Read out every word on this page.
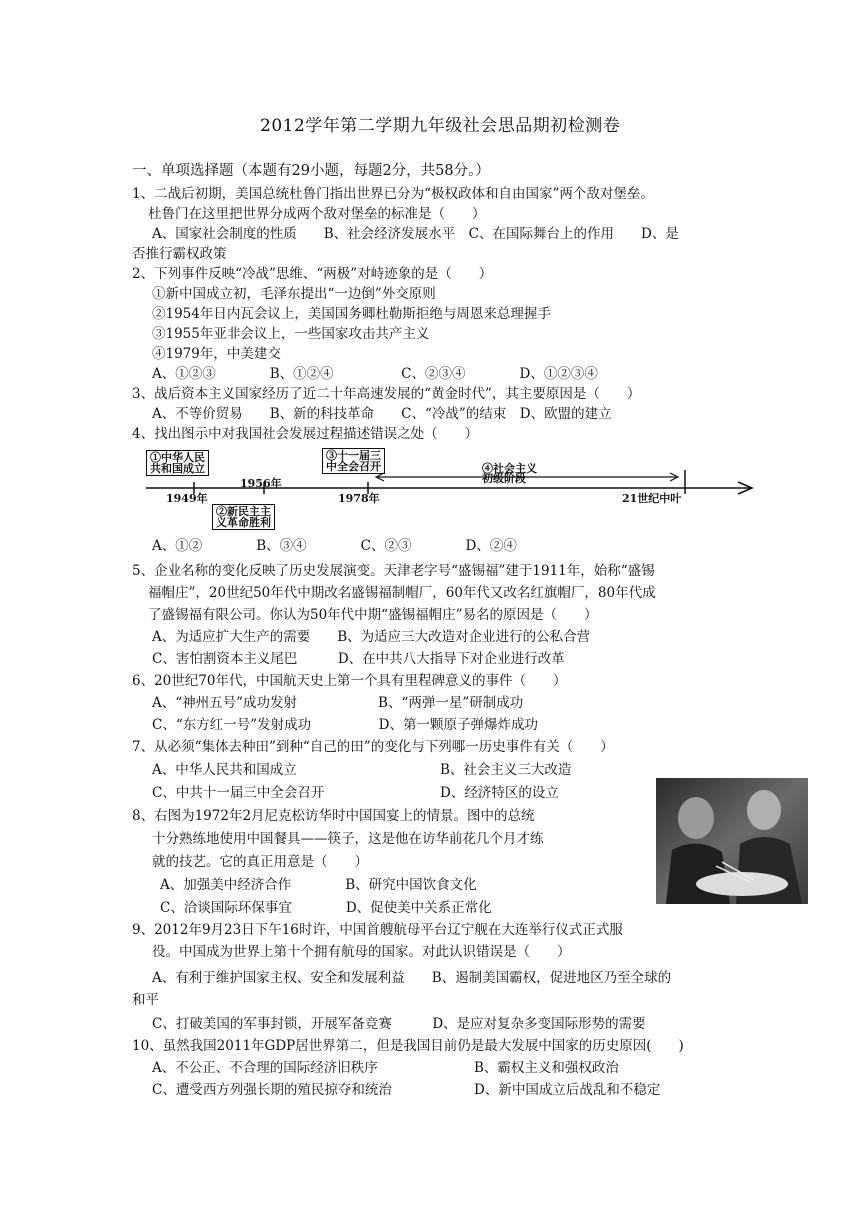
2012学年第二学期九年级社会思品期初检测卷
一、单项选择题（本题有29小题，每题2分，共58分。）
1、二战后初期，美国总统杜鲁门指出世界已分为“极权政体和自由国家”两个敌对堡垒。
杜鲁门在这里把世界分成两个敌对堡垒的标准是（　　）
A、国家社会制度的性质　　B、社会经济发展水平　C、在国际舞台上的作用　　D、是
否推行霸权政策
2、下列事件反映“冷战”思维、“两极”对峙迹象的是（　　）
①新中国成立初，毛泽东提出“一边倒”外交原则
②1954年日内瓦会议上，美国国务卿杜勒斯拒绝与周恩来总理握手
③1955年亚非会议上，一些国家攻击共产主义
④1979年，中美建交
A、①②③　　　　B、①②④　　　　　C、②③④　　　　D、①②③④
3、战后资本主义国家经历了近二十年高速发展的“黄金时代”，其主要原因是（　　）
A、不等价贸易　　B、新的科技革命　　C、“冷战”的结束　D、欧盟的建立
4、找出图示中对我国社会发展过程描述错误之处（　　）
①中华人民
共和国成立
②新民主主
义革命胜利
③十一届三
中全会召开	④社会主义
初级阶段
1949年
1956年
1978年	21世纪中叶
A、①②　　　　B、③④　　　　C、②③　　　　D、②④
5、企业名称的变化反映了历史发展演变。天津老字号“盛锡福”建于1911年，始称“盛锡
福帽庄”，20世纪50年代中期改名盛锡福制帽厂，60年代又改名红旗帽厂，80年代成
了盛锡福有限公司。你认为50年代中期“盛锡福帽庄”易名的原因是（　　）
A、为适应扩大生产的需要　　B、为适应三大改造对企业进行的公私合营
C、害怕割资本主义尾巴　　　D、在中共八大指导下对企业进行改革
6、20世纪70年代，中国航天史上第一个具有里程碑意义的事件（　　）
A、“神州五号”成功发射　　　　　　B、“两弹一星”研制成功
C、“东方红一号”发射成功　　　　　D、第一颗原子弹爆炸成功
7、从必须“集体去种田”到种“自己的田”的变化与下列哪一历史事件有关（　　）
A、中华人民共和国成立	B、社会主义三大改造
C、中共十一届三中全会召开	D、经济特区的设立
8、右图为1972年2月尼克松访华时中国国宴上的情景。图中的总统
十分熟练地使用中国餐具——筷子，这是他在访华前花几个月才练
就的技艺。它的真正用意是（　　）
A、加强美中经济合作　　　　B、研究中国饮食文化
C、洽谈国际环保事宜　　　　D、促使美中关系正常化
9、2012年9月23日下午16时许，中国首艘航母平台辽宁舰在大连举行仪式正式服
役。中国成为世界上第十个拥有航母的国家。对此认识错误是（　　）
A、有利于维护国家主权、安全和发展利益　　B、遏制美国霸权，促进地区乃至全球的
和平
C、打破美国的军事封锁，开展军备竞赛　　　D、是应对复杂多变国际形势的需要
10、虽然我国2011年GDP居世界第二，但是我国目前仍是最大发展中国家的历史原因(　　)
A、不公正、不合理的国际经济旧秩序	B、霸权主义和强权政治
C、遭受西方列强长期的殖民掠夺和统治	D、新中国成立后战乱和不稳定
